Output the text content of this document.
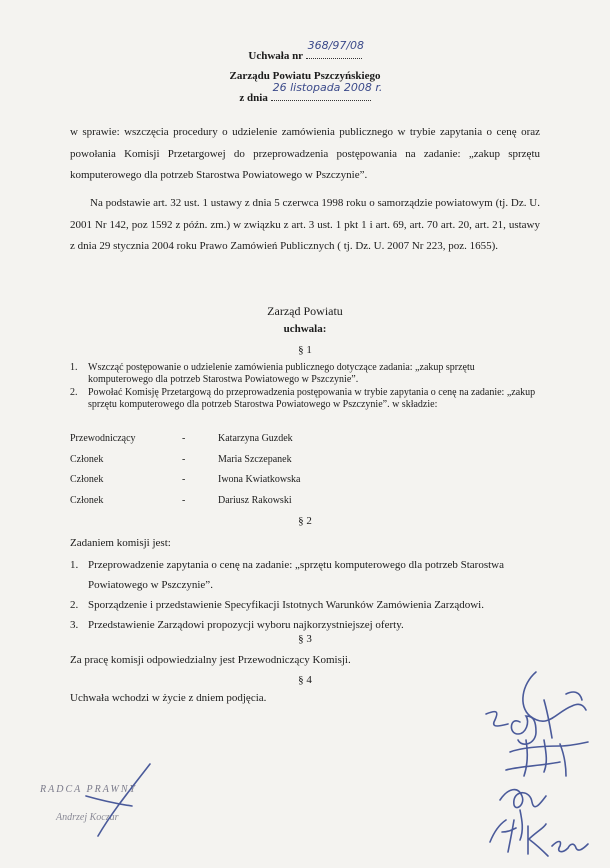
Uchwała nr
368/97/08
Zarządu Powiatu Pszczyńskiego
z dnia
26 listopada 2008 r.
w sprawie: wszczęcia procedury o udzielenie zamówienia publicznego w trybie zapytania o cenę oraz powołania Komisji Przetargowej do przeprowadzenia postępowania na zadanie: „zakup sprzętu komputerowego dla potrzeb Starostwa Powiatowego w Pszczynie”.
Na podstawie art. 32 ust. 1 ustawy z dnia 5 czerwca 1998 roku o samorządzie powiatowym (tj. Dz. U. 2001 Nr 142, poz 1592 z późn. zm.) w związku z art. 3 ust. 1 pkt 1 i art. 69, art. 70 art. 20, art. 21, ustawy z dnia 29 stycznia 2004 roku Prawo Zamówień Publicznych ( tj. Dz. U. 2007 Nr 223, poz. 1655).
Zarząd Powiatu
uchwala:
§ 1
1. Wszcząć postępowanie o udzielenie zamówienia publicznego dotyczące zadania: „zakup sprzętu komputerowego dla potrzeb Starostwa Powiatowego w Pszczynie”.
2. Powołać Komisję Przetargową do przeprowadzenia postępowania w trybie zapytania o cenę na zadanie: „zakup sprzętu komputerowego dla potrzeb Starostwa Powiatowego w Pszczynie”. w składzie:
Przewodniczący	-	Katarzyna Guzdek
Członek	-	Maria Szczepanek
Członek	-	Iwona Kwiatkowska
Członek	-	Dariusz Rakowski
§ 2
Zadaniem komisji jest:
1. Przeprowadzenie zapytania o cenę na zadanie: „sprzętu komputerowego dla potrzeb Starostwa Powiatowego w Pszczynie”.
2. Sporządzenie i przedstawienie Specyfikacji Istotnych Warunków Zamówienia Zarządowi.
3. Przedstawienie Zarządowi propozycji wyboru najkorzystniejszej oferty.
§ 3
Za pracę komisji odpowiedzialny jest Przewodniczący Komisji.
§ 4
Uchwała wchodzi w życie z dniem podjęcia.
RADCA PRAWNY
Andrzej Koczar
